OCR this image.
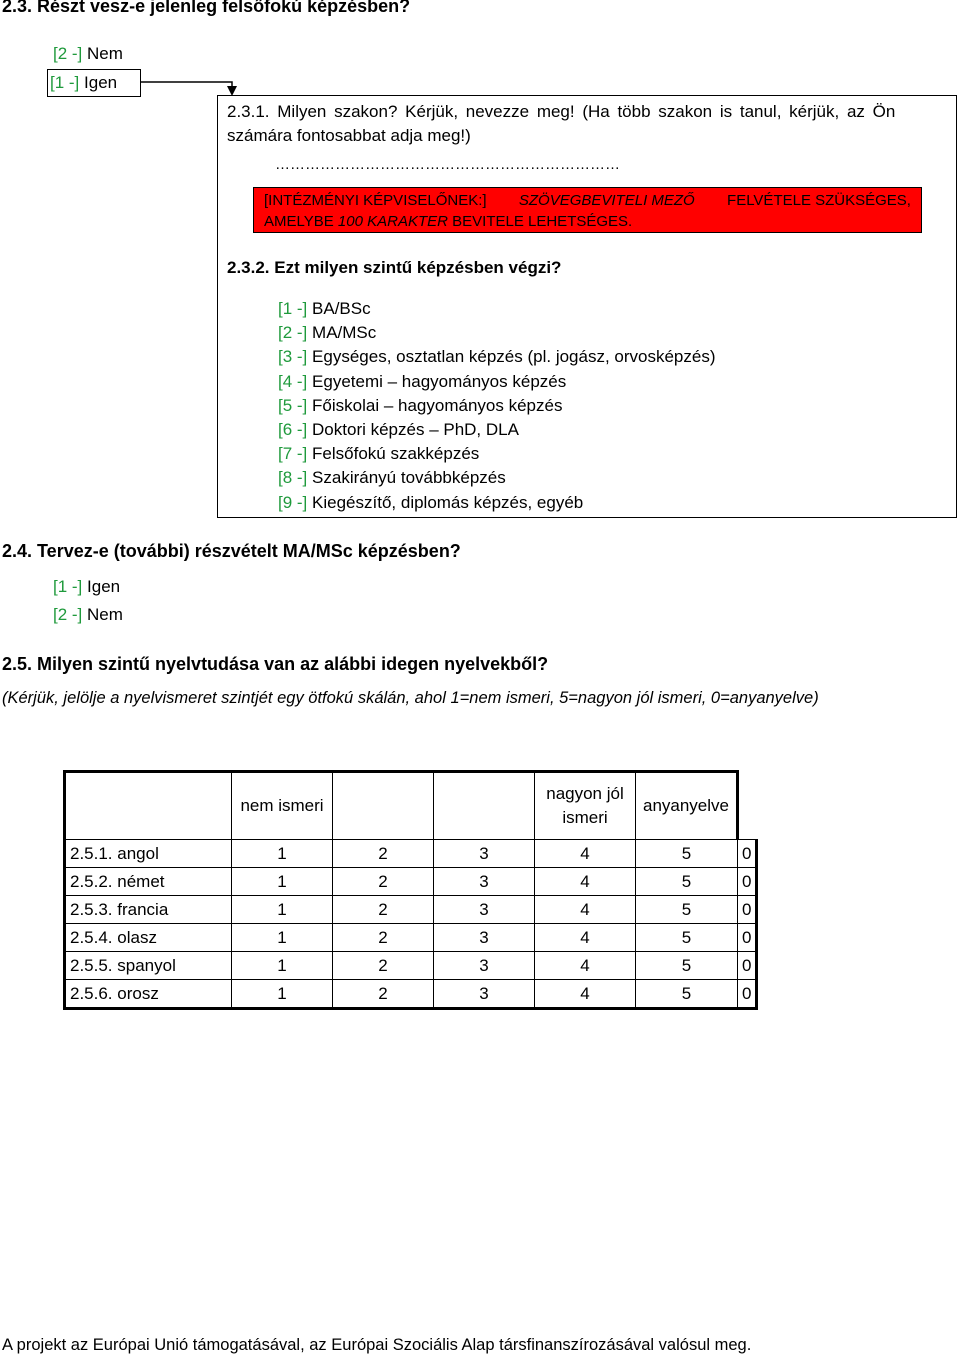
2.3. Részt vesz-e jelenleg felsőfokú képzésben?
[2 -] Nem
[1 -] Igen
2.3.1. Milyen szakon? Kérjük, nevezze meg! (Ha több szakon is tanul, kérjük, az Ön
számára fontosabbat adja meg!)
……………………………………………………………
[INTÉZMÉNYI KÉPVISELŐNEK:] SZÖVEGBEVITELI MEZŐ FELVÉTELE SZÜKSÉGES,
AMELYBE 100 KARAKTER BEVITELE LEHETSÉGES.
2.3.2. Ezt milyen szintű képzésben végzi?
[1 -] BA/BSc
[2 -] MA/MSc
[3 -] Egységes, osztatlan képzés (pl. jogász, orvosképzés)
[4 -] Egyetemi – hagyományos képzés
[5 -] Főiskolai – hagyományos képzés
[6 -] Doktori képzés – PhD, DLA
[7 -] Felsőfokú szakképzés
[8 -] Szakirányú továbbképzés
[9 -] Kiegészítő, diplomás képzés, egyéb
2.4. Tervez-e (további) részvételt MA/MSc képzésben?
[1 -] Igen
[2 -] Nem
2.5. Milyen szintű nyelvtudása van az alábbi idegen nyelvekből?
(Kérjük, jelölje a nyelvismeret szintjét egy ötfokú skálán, ahol 1=nem ismeri, 5=nagyon jól ismeri, 0=anyanyelve)
	nem ismeri			nagyon jól ismeri	anyanyelve	
2.5.1. angol	1	2	3	4	5	0
2.5.2. német	1	2	3	4	5	0
2.5.3. francia	1	2	3	4	5	0
2.5.4. olasz	1	2	3	4	5	0
2.5.5. spanyol	1	2	3	4	5	0
2.5.6. orosz	1	2	3	4	5	0
A projekt az Európai Unió támogatásával, az Európai Szociális Alap társfinanszírozásával valósul meg.
